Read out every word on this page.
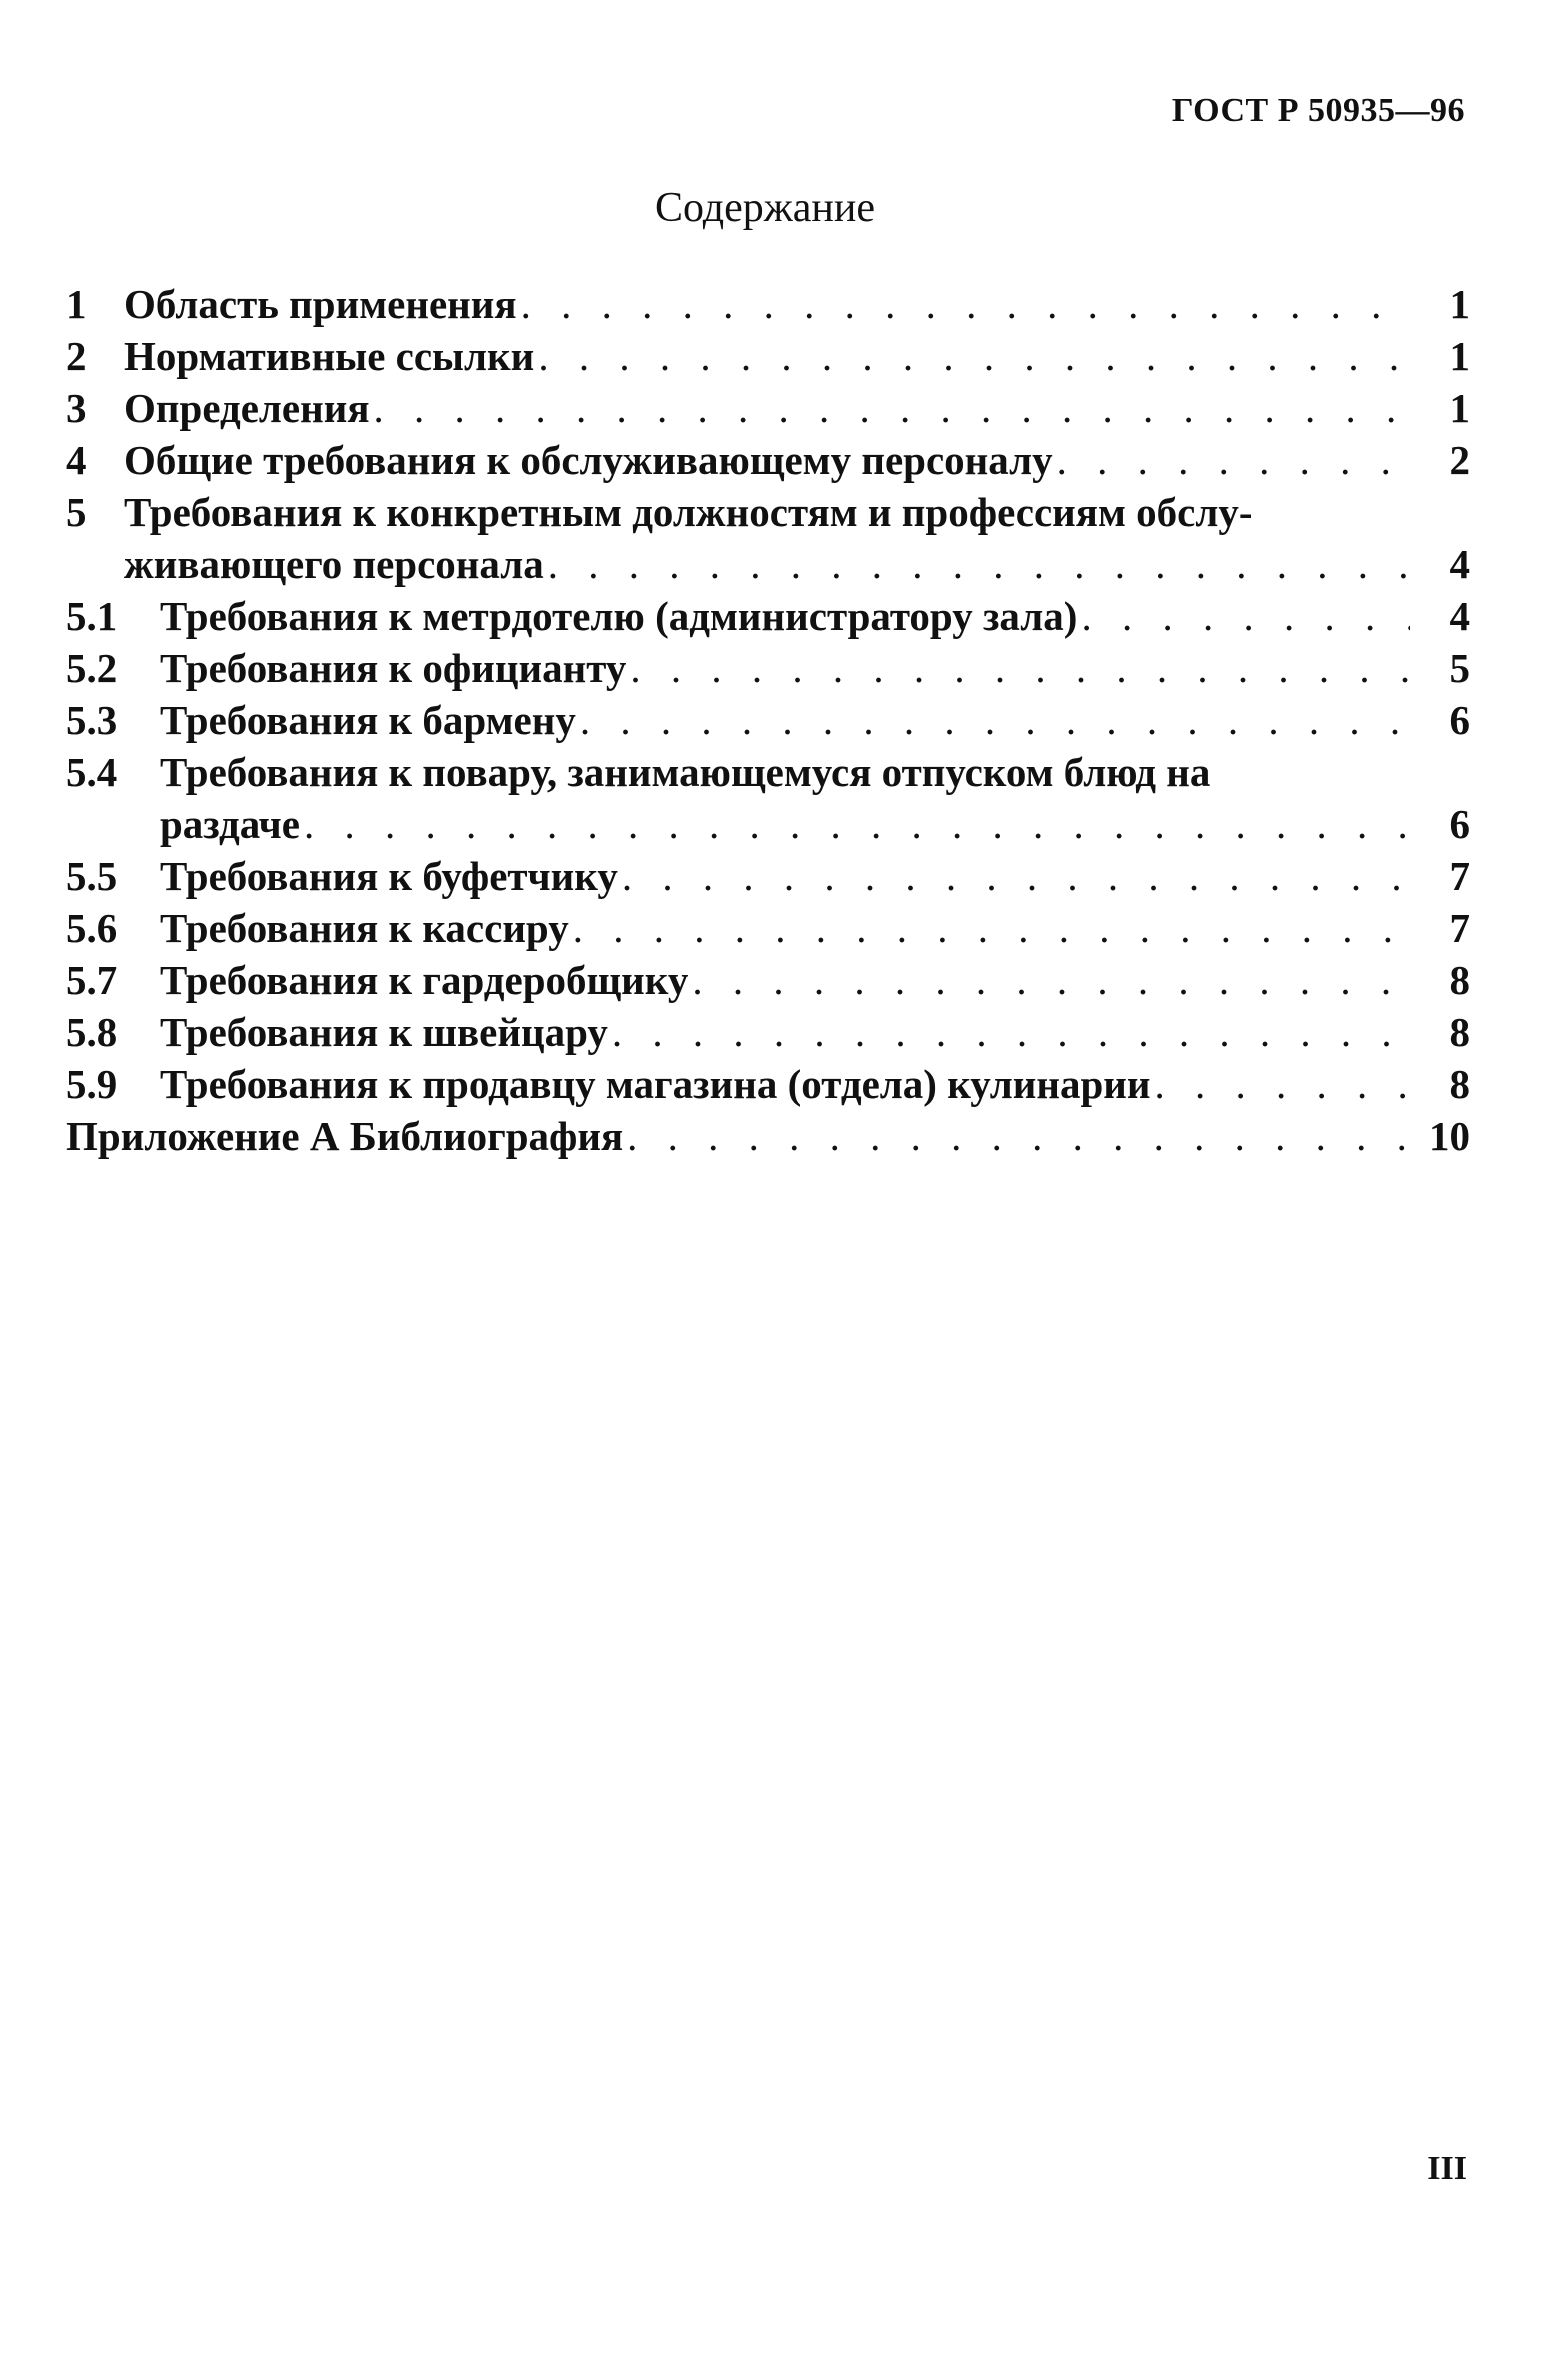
ГОСТ Р 50935—96
Содержание
1 Область применения . . .	1
2 Нормативные ссылки . . .	1
3 Определения . . .	1
4 Общие требования к обслуживающему персоналу . . .	2
5 Требования к конкретным должностям и профессиям обслу-
живающего персонала . . .	4
5.1	Требования к метрдотелю (администратору зала) . . .	4
5.2	Требования к официанту . . .	5
5.3	Требования к бармену . . .	6
5.4	Требования к повару, занимающемуся отпуском блюд на
раздаче . . .	6
5.5	Требования к буфетчику . . .	7
5.6	Требования к кассиру . . .	7
5.7	Требования к гардеробщику . . .	8
5.8	Требования к швейцару . . .	8
5.9	Требования к продавцу магазина (отдела) кулинарии . . .	8
Приложение А Библиография . . .	10
III
